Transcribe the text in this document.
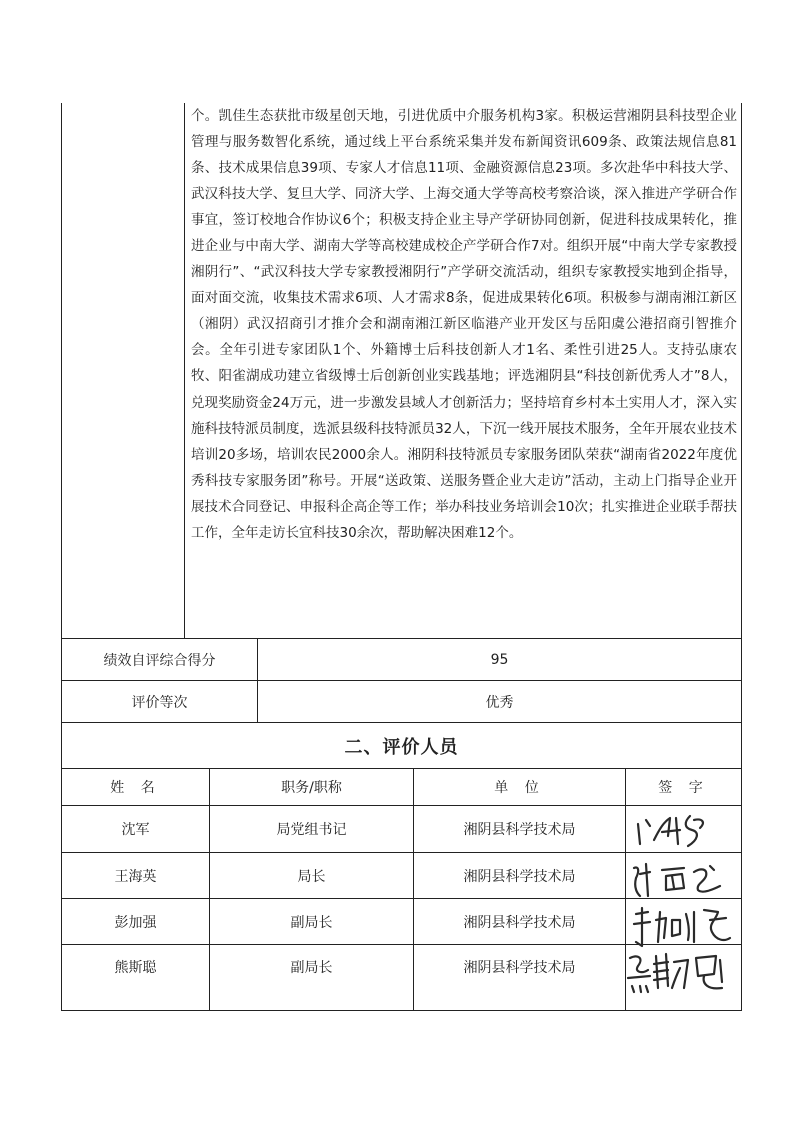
个。凯佳生态获批市级星创天地，引进优质中介服务机构3家。积极运营湘阴县科技型企业管理与服务数智化系统，通过线上平台系统采集并发布新闻资讯609条、政策法规信息81条、技术成果信息39项、专家人才信息11项、金融资源信息23项。多次赴华中科技大学、武汉科技大学、复旦大学、同济大学、上海交通大学等高校考察洽谈，深入推进产学研合作事宜，签订校地合作协议6个；积极支持企业主导产学研协同创新，促进科技成果转化，推进企业与中南大学、湖南大学等高校建成校企产学研合作7对。组织开展“中南大学专家教授湘阴行”、“武汉科技大学专家教授湘阴行”产学研交流活动，组织专家教授实地到企指导，面对面交流，收集技术需求6项、人才需求8条，促进成果转化6项。积极参与湖南湘江新区（湘阴）武汉招商引才推介会和湖南湘江新区临港产业开发区与岳阳虞公港招商引智推介会。全年引进专家团队1个、外籍博士后科技创新人才1名、柔性引进25人。支持弘康农牧、阳雀湖成功建立省级博士后创新创业实践基地；评选湘阴县“科技创新优秀人才”8人，兑现奖励资金24万元，进一步激发县域人才创新活力；坚持培育乡村本土实用人才，深入实施科技特派员制度，选派县级科技特派员32人，下沉一线开展技术服务，全年开展农业技术培训20多场，培训农民2000余人。湘阴科技特派员专家服务团队荣获“湖南省2022年度优秀科技专家服务团”称号。开展“送政策、送服务暨企业大走访”活动，主动上门指导企业开展技术合同登记、申报科企高企等工作；举办科技业务培训会10次；扎实推进企业联手帮扶工作，全年走访长宜科技30余次，帮助解决困难12个。

绩效自评综合得分	95
评价等次	优秀
二、评价人员
姓 名	职务/职称	单 位	签 字
沈军	局党组书记	湘阴县科学技术局
王海英	局长	湘阴县科学技术局
彭加强	副局长	湘阴县科学技术局
熊斯聪	副局长	湘阴县科学技术局
